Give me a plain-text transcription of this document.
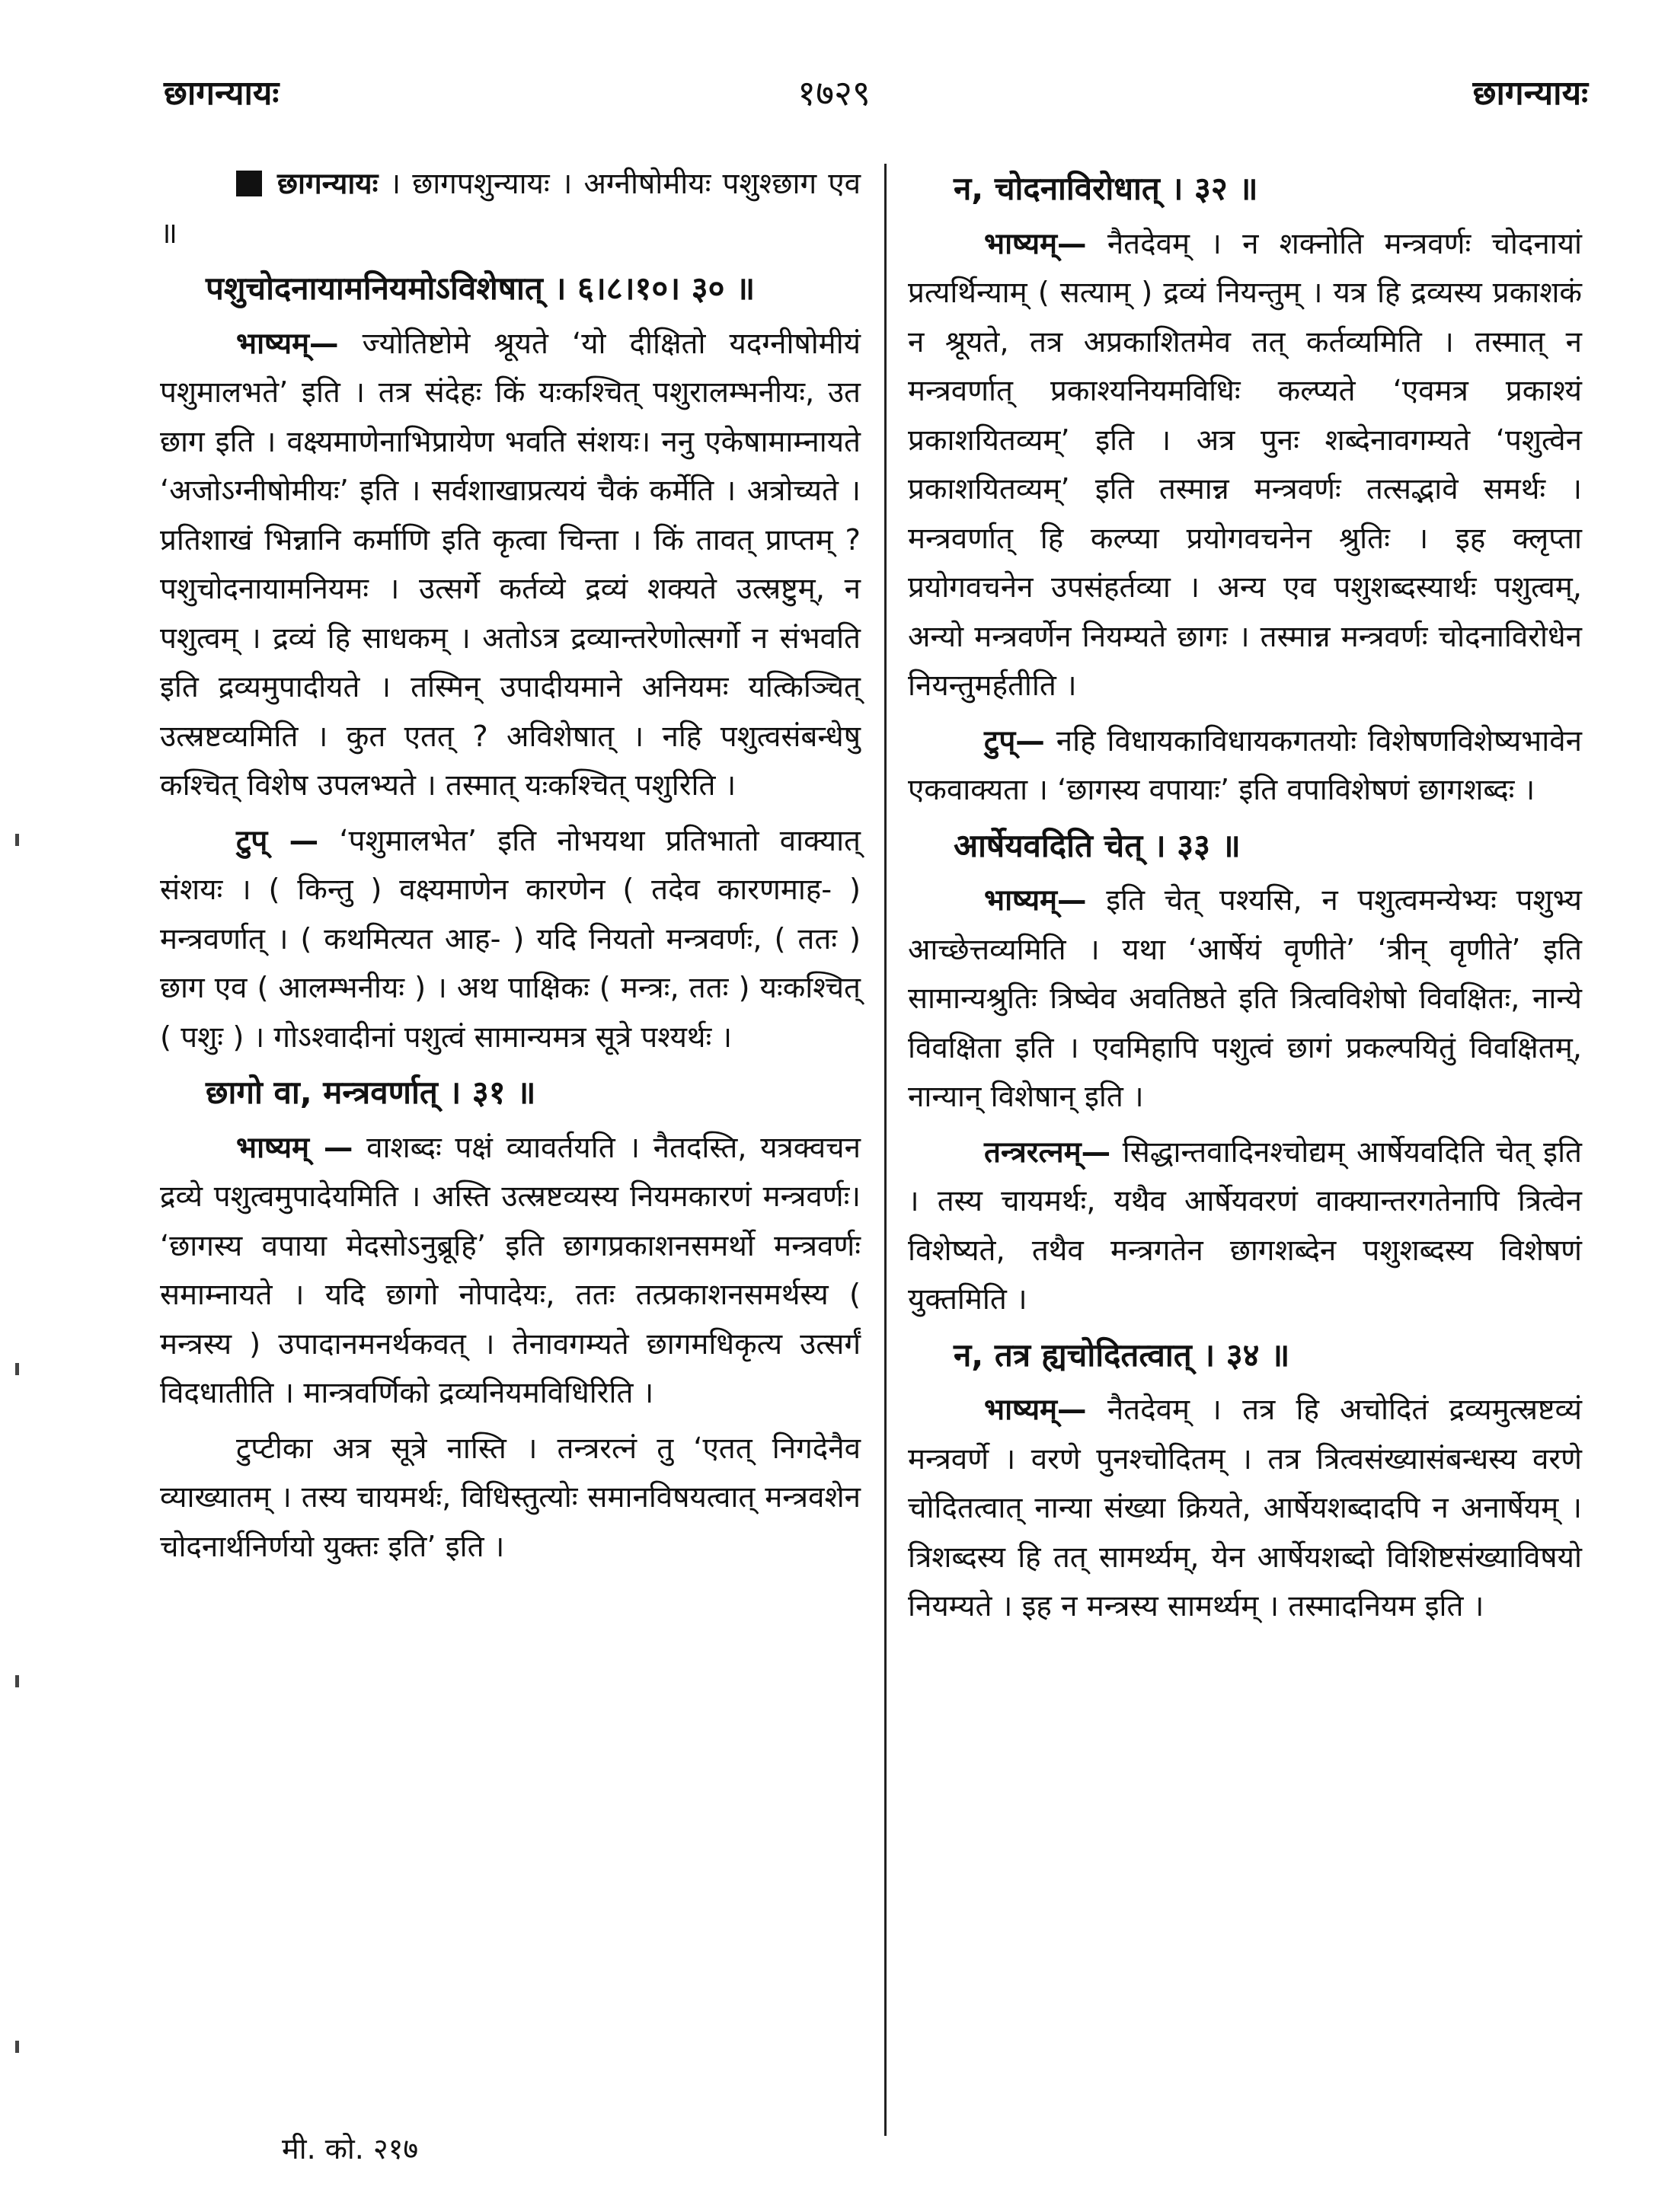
छागन्यायः	१७२९	छागन्यायः

छागन्यायः । छागपशुन्यायः । अग्नीषोमीयः पशुश्छाग एव ॥

पशुचोदनायामनियमोऽविशेषात् । ६।८।१०। ३० ॥

भाष्यम्— ज्योतिष्टोमे श्रूयते ‘यो दीक्षितो यदग्नीषोमीयं पशुमालभते’ इति । तत्र संदेहः किं यःकश्चित् पशुरालम्भनीयः, उत छाग इति । वक्ष्यमाणेनाभिप्रायेण भवति संशयः। ननु एकेषामाम्नायते ‘अजोऽग्नीषोमीयः’ इति । सर्वशाखाप्रत्ययं चैकं कर्मेति । अत्रोच्यते । प्रतिशाखं भिन्नानि कर्माणि इति कृत्वा चिन्ता । किं तावत् प्राप्तम् ? पशुचोदनायामनियमः । उत्सर्गे कर्तव्ये द्रव्यं शक्यते उत्स्रष्टुम्, न पशुत्वम् । द्रव्यं हि साधकम् । अतोऽत्र द्रव्यान्तरेणोत्सर्गो न संभवति इति द्रव्यमुपादीयते । तस्मिन् उपादीयमाने अनियमः यत्किञ्चित् उत्स्रष्टव्यमिति । कुत एतत् ? अविशेषात् । नहि पशुत्वसंबन्धेषु कश्चित् विशेष उपलभ्यते । तस्मात् यःकश्चित् पशुरिति ।

टुप् — ‘पशुमालभेत’ इति नोभयथा प्रतिभातो वाक्यात् संशयः । ( किन्तु ) वक्ष्यमाणेन कारणेन ( तदेव कारणमाह- ) मन्त्रवर्णात् । ( कथमित्यत आह- ) यदि नियतो मन्त्रवर्णः, ( ततः ) छाग एव ( आलम्भनीयः ) । अथ पाक्षिकः ( मन्त्रः, ततः ) यःकश्चित् ( पशुः ) । गोऽश्वादीनां पशुत्वं सामान्यमत्र सूत्रे पश्यर्थः ।

छागो वा, मन्त्रवर्णात् । ३१ ॥

भाष्यम् — वाशब्दः पक्षं व्यावर्तयति । नैतदस्ति, यत्रक्वचन द्रव्ये पशुत्वमुपादेयमिति । अस्ति उत्स्रष्टव्यस्य नियमकारणं मन्त्रवर्णः। ‘छागस्य वपाया मेदसोऽनुब्रूहि’ इति छागप्रकाशनसमर्थो मन्त्रवर्णः समाम्नायते । यदि छागो नोपादेयः, ततः तत्प्रकाशनसमर्थस्य ( मन्त्रस्य ) उपादानमनर्थकवत् । तेनावगम्यते छागमधिकृत्य उत्सर्गं विदधातीति । मान्त्रवर्णिको द्रव्यनियमविधिरिति ।

टुप्टीका अत्र सूत्रे नास्ति । तन्त्ररत्नं तु ‘एतत् निगदेनैव व्याख्यातम् । तस्य चायमर्थः, विधिस्तुत्योः समानविषयत्वात् मन्त्रवशेन चोदनार्थनिर्णयो युक्तः इति’ इति ।

न, चोदनाविरोधात् । ३२ ॥

भाष्यम्— नैतदेवम् । न शक्नोति मन्त्रवर्णः चोदनायां प्रत्यर्थिन्याम् ( सत्याम् ) द्रव्यं नियन्तुम् । यत्र हि द्रव्यस्य प्रकाशकं न श्रूयते, तत्र अप्रकाशितमेव तत् कर्तव्यमिति । तस्मात् न मन्त्रवर्णात् प्रकाश्यनियमविधिः कल्प्यते ‘एवमत्र प्रकाश्यं प्रकाशयितव्यम्’ इति । अत्र पुनः शब्देनावगम्यते ‘पशुत्वेन प्रकाशयितव्यम्’ इति तस्मान्न मन्त्रवर्णः तत्सद्भावे समर्थः । मन्त्रवर्णात् हि कल्प्या प्रयोगवचनेन श्रुतिः । इह क्लृप्ता प्रयोगवचनेन उपसंहर्तव्या । अन्य एव पशुशब्दस्यार्थः पशुत्वम्, अन्यो मन्त्रवर्णेन नियम्यते छागः । तस्मान्न मन्त्रवर्णः चोदनाविरोधेन नियन्तुमर्हतीति ।

टुप्— नहि विधायकाविधायकगतयोः विशेषणविशेष्यभावेन एकवाक्यता । ‘छागस्य वपायाः’ इति वपाविशेषणं छागशब्दः ।

आर्षेयवदिति चेत् । ३३ ॥

भाष्यम्— इति चेत् पश्यसि, न पशुत्वमन्येभ्यः पशुभ्य आच्छेत्तव्यमिति । यथा ‘आर्षेयं वृणीते’ ‘त्रीन् वृणीते’ इति सामान्यश्रुतिः त्रिष्वेव अवतिष्ठते इति त्रित्वविशेषो विवक्षितः, नान्ये विवक्षिता इति । एवमिहापि पशुत्वं छागं प्रकल्पयितुं विवक्षितम्, नान्यान् विशेषान् इति ।

तन्त्ररत्नम्— सिद्धान्तवादिनश्चोद्यम् आर्षेयवदिति चेत् इति । तस्य चायमर्थः, यथैव आर्षेयवरणं वाक्यान्तरगतेनापि त्रित्वेन विशेष्यते, तथैव मन्त्रगतेन छागशब्देन पशुशब्दस्य विशेषणं युक्तमिति ।

न, तत्र ह्यचोदितत्वात् । ३४ ॥

भाष्यम्— नैतदेवम् । तत्र हि अचोदितं द्रव्यमुत्स्रष्टव्यं मन्त्रवर्णे । वरणे पुनश्चोदितम् । तत्र त्रित्वसंख्यासंबन्धस्य वरणे चोदितत्वात् नान्या संख्या क्रियते, आर्षेयशब्दादपि न अनार्षेयम् । त्रिशब्दस्य हि तत् सामर्थ्यम्, येन आर्षेयशब्दो विशिष्टसंख्याविषयो नियम्यते । इह न मन्त्रस्य सामर्थ्यम् । तस्मादनियम इति ।

मी. को. २१७
